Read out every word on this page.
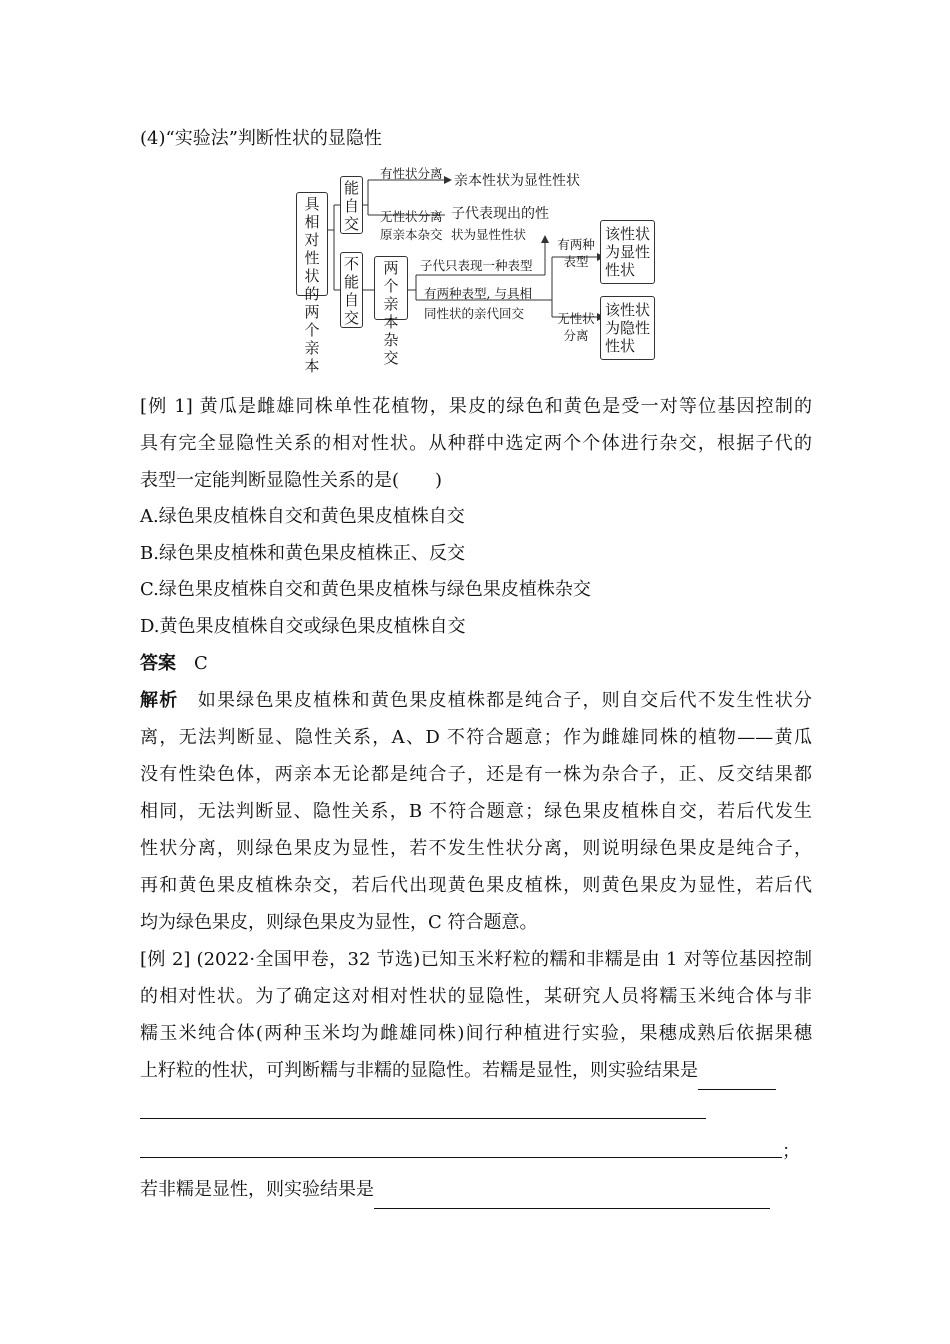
(4)“实验法”判断性状的显隐性
具相对性状的两个亲本
能自交
不能自交
两个亲本杂交
该性状为显性性状
该性状为隐性性状
有性状分离 亲本性状为显性性状
无性状分离 子代表现出的性
原亲本杂交 状为显性性状
子代只表现一种表型
有两种表型, 与具相
同性状的亲代回交
有两种表型
无性状分离
[例 1] 黄瓜是雌雄同株单性花植物，果皮的绿色和黄色是受一对等位基因控制的
具有完全显隐性关系的相对性状。从种群中选定两个个体进行杂交，根据子代的
表型一定能判断显隐性关系的是(　　)
A.绿色果皮植株自交和黄色果皮植株自交
B.绿色果皮植株和黄色果皮植株正、反交
C.绿色果皮植株自交和黄色果皮植株与绿色果皮植株杂交
D.黄色果皮植株自交或绿色果皮植株自交
答案　 C
解析　 如果绿色果皮植株和黄色果皮植株都是纯合子，则自交后代不发生性状分
离，无法判断显、隐性关系，A、D 不符合题意；作为雌雄同株的植物——黄瓜
没有性染色体，两亲本无论都是纯合子，还是有一株为杂合子，正、反交结果都
相同，无法判断显、隐性关系，B 不符合题意；绿色果皮植株自交，若后代发生
性状分离，则绿色果皮为显性，若不发生性状分离，则说明绿色果皮是纯合子，
再和黄色果皮植株杂交，若后代出现黄色果皮植株，则黄色果皮为显性，若后代
均为绿色果皮，则绿色果皮为显性，C 符合题意。
[例 2] (2022·全国甲卷，32 节选)已知玉米籽粒的糯和非糯是由 1 对等位基因控制
的相对性状。为了确定这对相对性状的显隐性，某研究人员将糯玉米纯合体与非
糯玉米纯合体(两种玉米均为雌雄同株)间行种植进行实验，果穗成熟后依据果穗
上籽粒的性状，可判断糯与非糯的显隐性。若糯是显性，则实验结果是
；
若非糯是显性，则实验结果是
